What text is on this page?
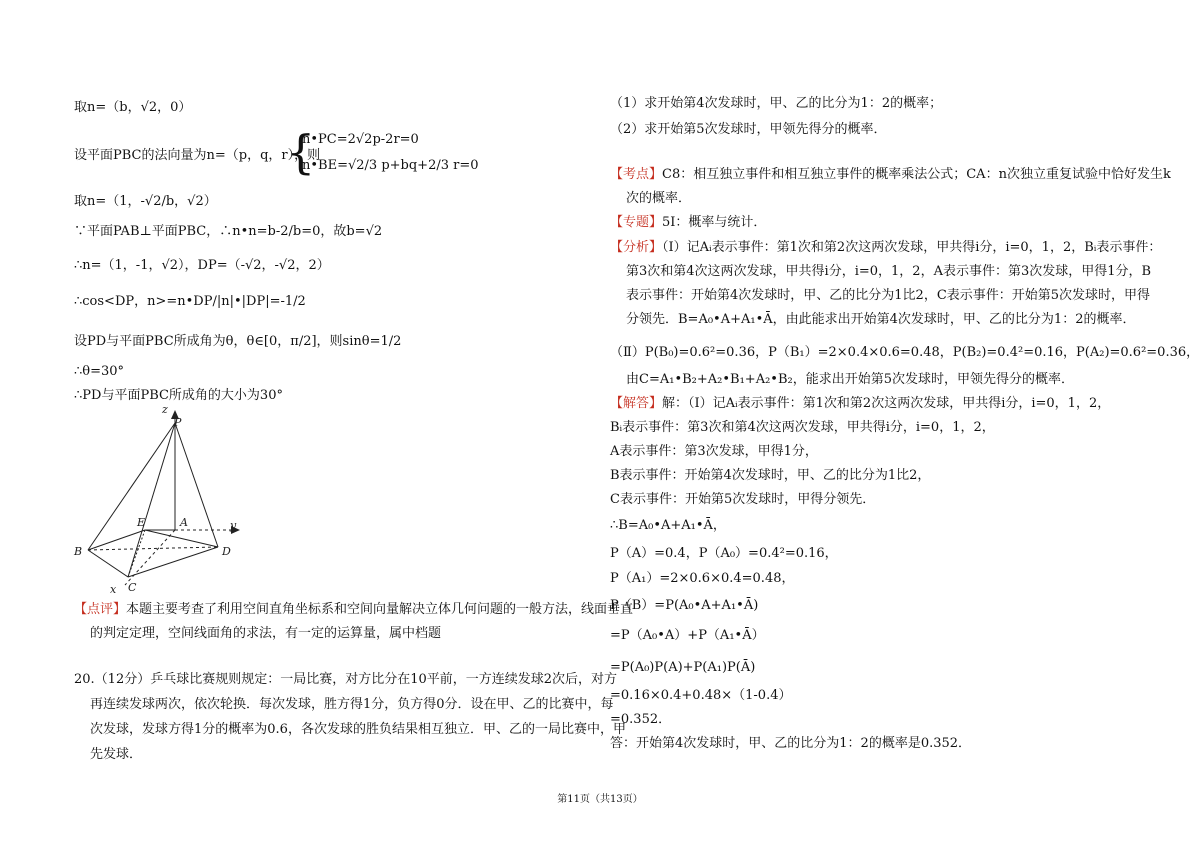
取n=（b，√2，0）
设平面PBC的法向量为n=（p，q，r），则
{
n•PC=2√2p-2r=0
n•BE=√2/3 p+bq+2/3 r=0
取n=（1，-√2/b，√2）
∵平面PAB⊥平面PBC，∴n•n=b-2/b=0，故b=√2
∴n=（1，-1，√2），DP=（-√2，-√2，2）
∴cos<DP，n>=n•DP/|n|•|DP|=-1/2
设PD与平面PBC所成角为θ，θ∈[0，π/2]，则sinθ=1/2
∴θ=30°
∴PD与平面PBC所成角的大小为30°
z
P
E	A	y
B	D
x C
【点评】本题主要考查了利用空间直角坐标系和空间向量解决立体几何问题的一般方法，线面垂直
的判定定理，空间线面角的求法，有一定的运算量，属中档题
20.（12分）乒乓球比赛规则规定：一局比赛，对方比分在10平前，一方连续发球2次后，对方
再连续发球两次，依次轮换．每次发球，胜方得1分，负方得0分．设在甲、乙的比赛中，每
次发球，发球方得1分的概率为0.6，各次发球的胜负结果相互独立．甲、乙的一局比赛中，甲
先发球．
（1）求开始第4次发球时，甲、乙的比分为1：2的概率；
（2）求开始第5次发球时，甲领先得分的概率．
【考点】C8：相互独立事件和相互独立事件的概率乘法公式；CA：n次独立重复试验中恰好发生k
次的概率．
【专题】5I：概率与统计．
【分析】（Ⅰ）记Aᵢ表示事件：第1次和第2次这两次发球，甲共得i分，i=0，1，2，Bᵢ表示事件：
第3次和第4次这两次发球，甲共得i分，i=0，1，2，A表示事件：第3次发球，甲得1分，B
表示事件：开始第4次发球时，甲、乙的比分为1比2，C表示事件：开始第5次发球时，甲得
分领先．B=A₀•A+A₁•Ā，由此能求出开始第4次发球时，甲、乙的比分为1：2的概率．
（Ⅱ）P(B₀)=0.6²=0.36，P（B₁）=2×0.4×0.6=0.48，P(B₂)=0.4²=0.16，P(A₂)=0.6²=0.36，
由C=A₁•B₂+A₂•B₁+A₂•B₂，能求出开始第5次发球时，甲领先得分的概率．
【解答】解：（Ⅰ）记Aᵢ表示事件：第1次和第2次这两次发球，甲共得i分，i=0，1，2，
Bᵢ表示事件：第3次和第4次这两次发球，甲共得i分，i=0，1，2，
A表示事件：第3次发球，甲得1分，
B表示事件：开始第4次发球时，甲、乙的比分为1比2，
C表示事件：开始第5次发球时，甲得分领先．
∴B=A₀•A+A₁•Ā，
P（A）=0.4，P（A₀）=0.4²=0.16，
P（A₁）=2×0.6×0.4=0.48，
P（B）=P(A₀•A+A₁•Ā)
=P（A₀•A）+P（A₁•Ā）
=P(A₀)P(A)+P(A₁)P(Ā)
=0.16×0.4+0.48×（1-0.4）
=0.352．
答：开始第4次发球时，甲、乙的比分为1：2的概率是0.352．
第11页（共13页）
